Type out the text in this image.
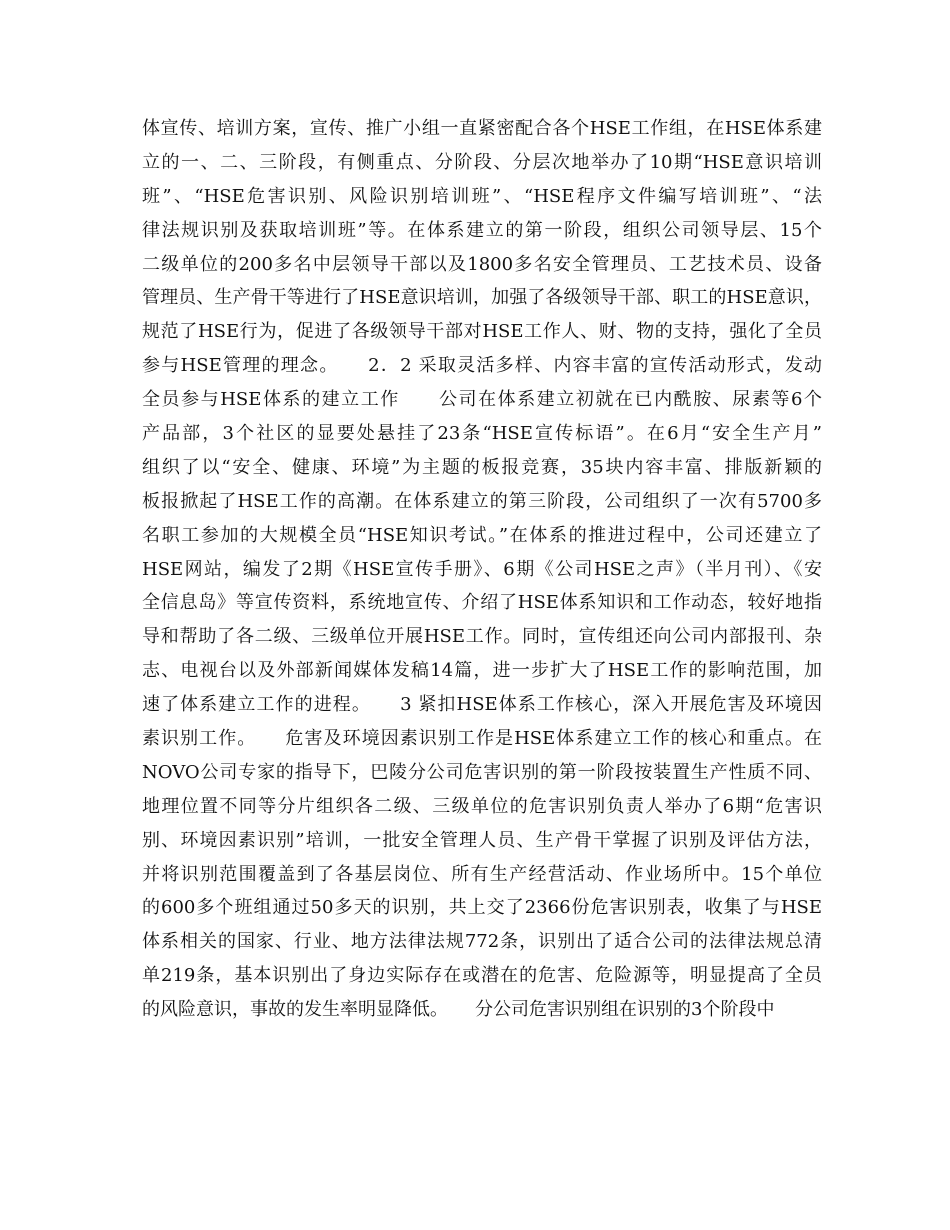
体宣传、培训方案，宣传、推广小组一直紧密配合各个HSE工作组，在HSE体系建
立的一、二、三阶段，有侧重点、分阶段、分层次地举办了10期“HSE意识培训
班”、“HSE危害识别、风险识别培训班”、“HSE程序文件编写培训班”、“法
律法规识别及获取培训班”等。在体系建立的第一阶段，组织公司领导层、15个
二级单位的200多名中层领导干部以及1800多名安全管理员、工艺技术员、设备
管理员、生产骨干等进行了HSE意识培训，加强了各级领导干部、职工的HSE意识，
规范了HSE行为，促进了各级领导干部对HSE工作人、财、物的支持，强化了全员
参与HSE管理的理念。　　2．2 采取灵活多样、内容丰富的宣传活动形式，发动
全员参与HSE体系的建立工作　　公司在体系建立初就在已内酰胺、尿素等6个
产品部，3个社区的显要处悬挂了23条“HSE宣传标语”。在6月“安全生产月”
组织了以“安全、健康、环境”为主题的板报竞赛，35块内容丰富、排版新颖的
板报掀起了HSE工作的高潮。在体系建立的第三阶段，公司组织了一次有5700多
名职工参加的大规模全员“HSE知识考试。”在体系的推进过程中，公司还建立了
HSE网站，编发了2期《HSE宣传手册》、6期《公司HSE之声》（半月刊）、《安
全信息岛》等宣传资料，系统地宣传、介绍了HSE体系知识和工作动态，较好地指
导和帮助了各二级、三级单位开展HSE工作。同时，宣传组还向公司内部报刊、杂
志、电视台以及外部新闻媒体发稿14篇，进一步扩大了HSE工作的影响范围，加
速了体系建立工作的进程。　　3 紧扣HSE体系工作核心，深入开展危害及环境因
素识别工作。　　危害及环境因素识别工作是HSE体系建立工作的核心和重点。在
NOVO公司专家的指导下，巴陵分公司危害识别的第一阶段按装置生产性质不同、
地理位置不同等分片组织各二级、三级单位的危害识别负责人举办了6期“危害识
别、环境因素识别”培训，一批安全管理人员、生产骨干掌握了识别及评估方法，
并将识别范围覆盖到了各基层岗位、所有生产经营活动、作业场所中。15个单位
的600多个班组通过50多天的识别，共上交了2366份危害识别表，收集了与HSE
体系相关的国家、行业、地方法律法规772条，识别出了适合公司的法律法规总清
单219条，基本识别出了身边实际存在或潜在的危害、危险源等，明显提高了全员
的风险意识，事故的发生率明显降低。　　分公司危害识别组在识别的3个阶段中
